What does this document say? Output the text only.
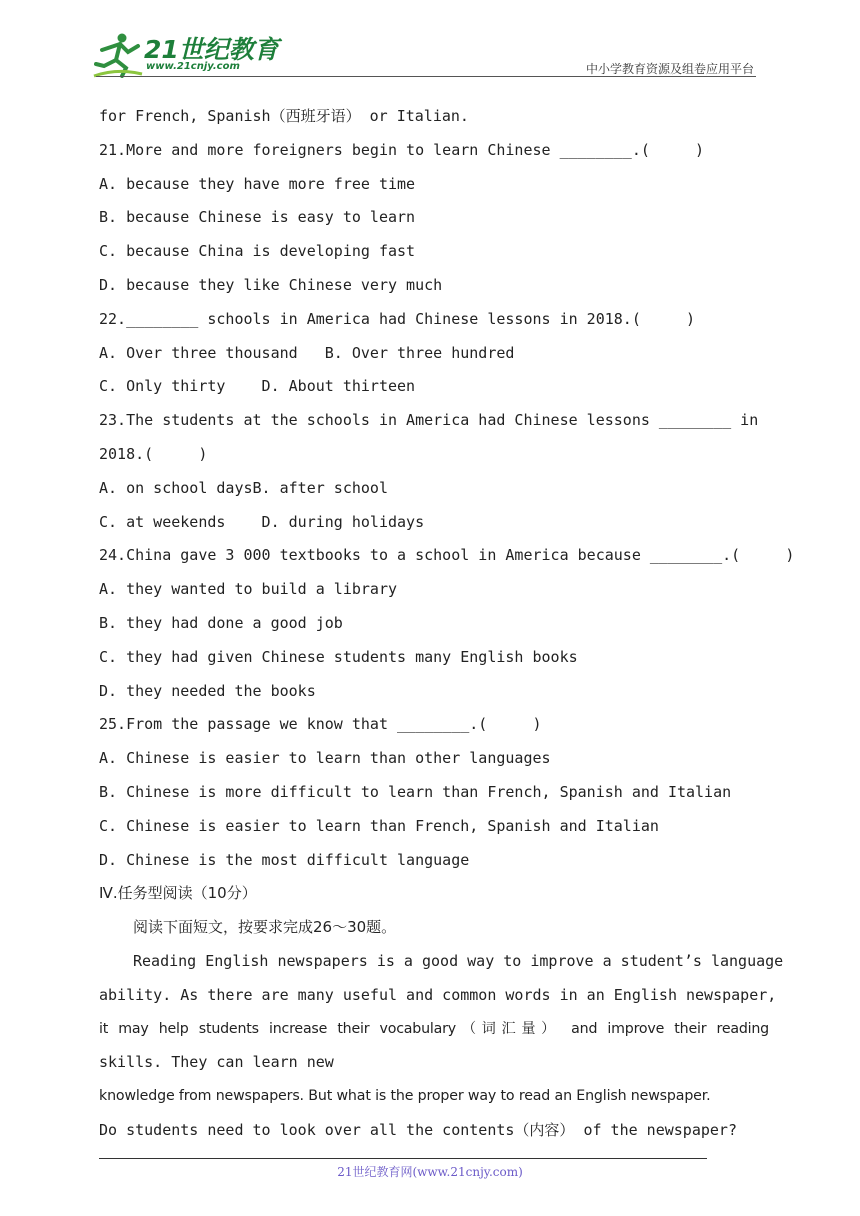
21世纪教育
www.21cnjy.com	中小学教育资源及组卷应用平台
for French, Spanish（西班牙语） or Italian.
21.More and more foreigners begin to learn Chinese ________.(     )
A. because they have more free time
B. because Chinese is easy to learn
C. because China is developing fast
D. because they like Chinese very much
22.________ schools in America had Chinese lessons in 2018.(     )
A. Over three thousand   B. Over three hundred
C. Only thirty    D. About thirteen
23.The students at the schools in America had Chinese lessons ________ in
2018.(     )
A. on school daysB. after school
C. at weekends    D. during holidays
24.China gave 3 000 textbooks to a school in America because ________.(     )
A. they wanted to build a library
B. they had done a good job
C. they had given Chinese students many English books
D. they needed the books
25.From the passage we know that ________.(     )
A. Chinese is easier to learn than other languages
B. Chinese is more difficult to learn than French, Spanish and Italian
C. Chinese is easier to learn than French, Spanish and Italian
D. Chinese is the most difficult language
Ⅳ.任务型阅读（10分）
阅读下面短文，按要求完成26～30题。
Reading English newspapers is a good way to improve a student’s language
ability. As there are many useful and common words in an English newspaper,
it may help students increase their vocabulary（词汇量） and improve their reading
skills. They can learn new
knowledge from newspapers. But what is the proper way to read an English newspaper.
Do students need to look over all the contents（内容） of the newspaper?
21世纪教育网(www.21cnjy.com)
